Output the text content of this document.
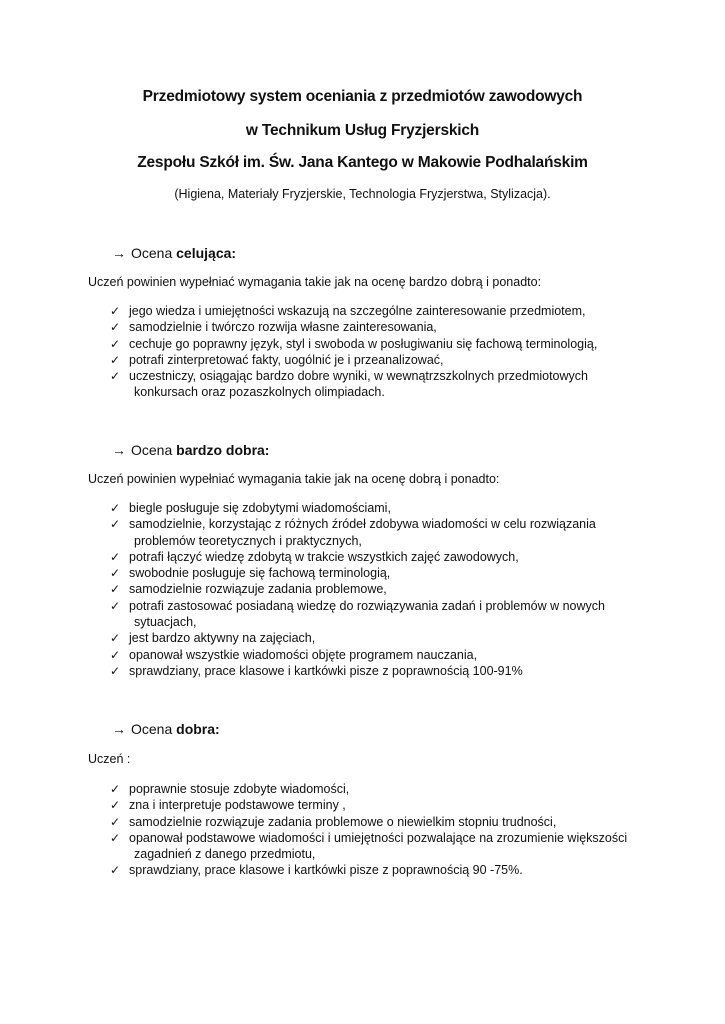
Przedmiotowy system oceniania z przedmiotów zawodowych
w Technikum Usług Fryzjerskich
Zespołu Szkół im. Św. Jana Kantego w Makowie Podhalańskim
(Higiena, Materiały Fryzjerskie, Technologia Fryzjerstwa, Stylizacja).
→ Ocena celująca:
Uczeń powinien wypełniać wymagania takie jak na ocenę bardzo dobrą i ponadto:
✓ jego wiedza i umiejętności wskazują na szczególne zainteresowanie przedmiotem,
✓ samodzielnie i twórczo rozwija własne zainteresowania,
✓ cechuje go poprawny język, styl i swoboda w posługiwaniu się fachową terminologią,
✓ potrafi zinterpretować fakty, uogólnić je i przeanalizować,
✓ uczestniczy, osiągając bardzo dobre wyniki, w wewnątrzszkolnych przedmiotowych
konkursach oraz pozaszkolnych olimpiadach.
→ Ocena bardzo dobra:
Uczeń powinien wypełniać wymagania takie jak na ocenę dobrą i ponadto:
✓ biegle posługuje się zdobytymi wiadomościami,
✓ samodzielnie, korzystając z różnych źródeł zdobywa wiadomości w celu rozwiązania
problemów teoretycznych i praktycznych,
✓ potrafi łączyć wiedzę zdobytą w trakcie wszystkich zajęć zawodowych,
✓ swobodnie posługuje się fachową terminologią,
✓ samodzielnie rozwiązuje zadania problemowe,
✓ potrafi zastosować posiadaną wiedzę do rozwiązywania zadań i problemów w nowych
sytuacjach,
✓ jest bardzo aktywny na zajęciach,
✓ opanował wszystkie wiadomości objęte programem nauczania,
✓ sprawdziany, prace klasowe i kartkówki pisze z poprawnością 100-91%
→ Ocena dobra:
Uczeń :
✓ poprawnie stosuje zdobyte wiadomości,
✓ zna i interpretuje podstawowe terminy ,
✓ samodzielnie rozwiązuje zadania problemowe o niewielkim stopniu trudności,
✓ opanował podstawowe wiadomości i umiejętności pozwalające na zrozumienie większości
zagadnień z danego przedmiotu,
✓ sprawdziany, prace klasowe i kartkówki pisze z poprawnością 90 -75%.
